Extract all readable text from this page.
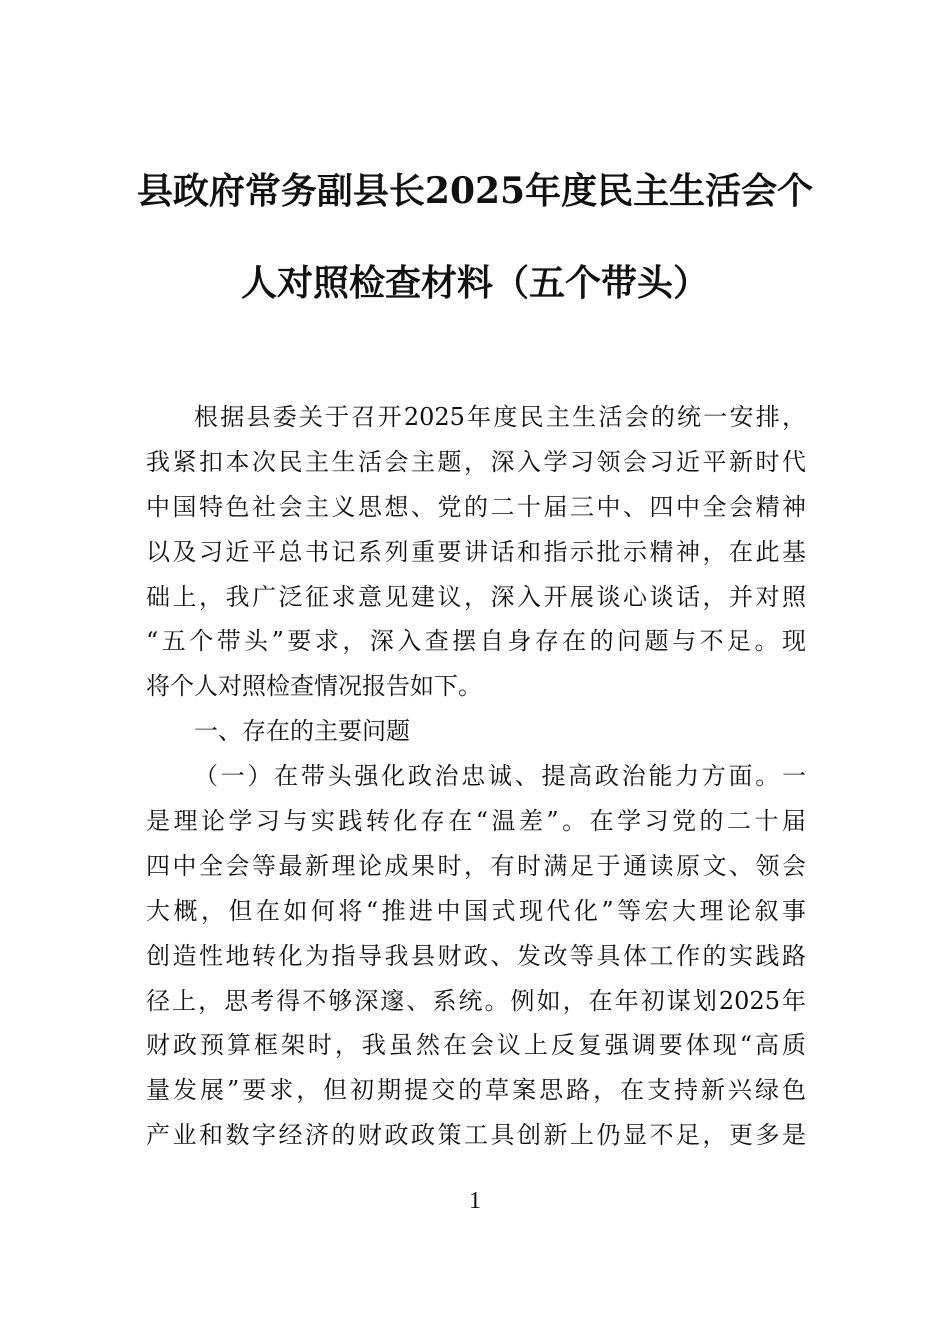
县政府常务副县长2025年度民主生活会个
人对照检查材料（五个带头）
根据县委关于召开2025年度民主生活会的统一安排，
我紧扣本次民主生活会主题，深入学习领会习近平新时代
中国特色社会主义思想、党的二十届三中、四中全会精神
以及习近平总书记系列重要讲话和指示批示精神，在此基
础上，我广泛征求意见建议，深入开展谈心谈话，并对照
“五个带头”要求，深入查摆自身存在的问题与不足。现
将个人对照检查情况报告如下。
一、存在的主要问题
（一）在带头强化政治忠诚、提高政治能力方面。一
是理论学习与实践转化存在“温差”。在学习党的二十届
四中全会等最新理论成果时，有时满足于通读原文、领会
大概，但在如何将“推进中国式现代化”等宏大理论叙事
创造性地转化为指导我县财政、发改等具体工作的实践路
径上，思考得不够深邃、系统。例如，在年初谋划2025年
财政预算框架时，我虽然在会议上反复强调要体现“高质
量发展”要求，但初期提交的草案思路，在支持新兴绿色
产业和数字经济的财政政策工具创新上仍显不足，更多是
1
